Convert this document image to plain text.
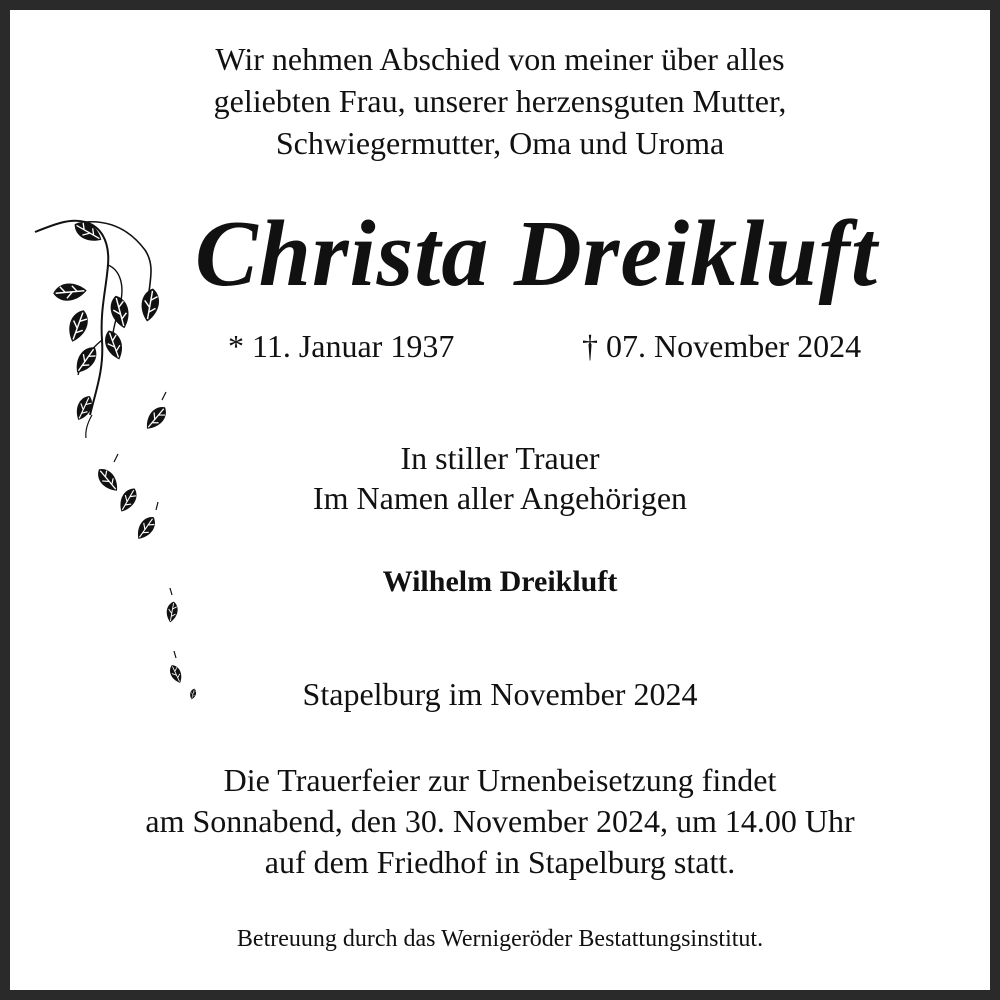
Wir nehmen Abschied von meiner über alles
geliebten Frau, unserer herzensguten Mutter,
Schwiegermutter, Oma und Uroma
Christa Dreikluft
* 11. Januar 1937	† 07. November 2024
In stiller Trauer
Im Namen aller Angehörigen
Wilhelm Dreikluft
Stapelburg im November 2024
Die Trauerfeier zur Urnenbeisetzung findet
am Sonnabend, den 30. November 2024, um 14.00 Uhr
auf dem Friedhof in Stapelburg statt.
Betreuung durch das Wernigeröder Bestattungsinstitut.
